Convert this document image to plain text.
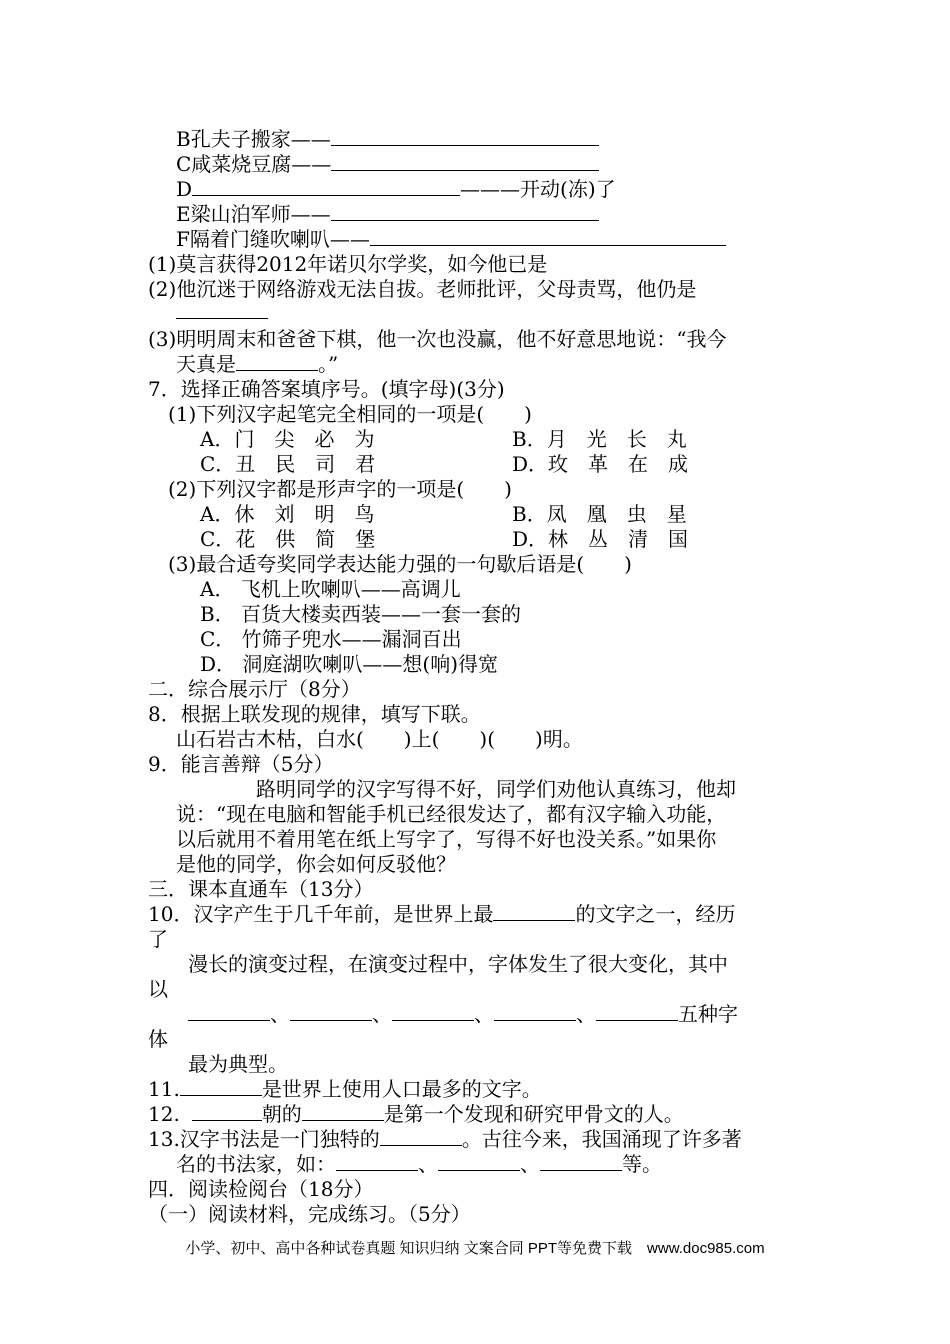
B孔夫子搬家——
C咸菜烧豆腐——
D	———开动(冻)了
E梁山泊军师——
F隔着门缝吹喇叭——
(1)莫言获得2012年诺贝尔学奖，如今他已是
(2)他沉迷于网络游戏无法自拔。老师批评，父母责骂，他仍是
(3)明明周末和爸爸下棋，他一次也没赢，他不好意思地说：“我今
天真是	。”
7．选择正确答案填序号。(填字母)(3分)
(1)下列汉字起笔完全相同的一项是(　　)
A．门　尖　必　为	B．月　光　长　丸
C．丑　民　司　君	D．玫　革　在　成
(2)下列汉字都是形声字的一项是(　　)
A．休　刘　明　鸟	B．凤　凰　虫　星
C．花　供　简　堡	D．林　丛　清　国
(3)最合适夸奖同学表达能力强的一句歇后语是(　　)
A． 飞机上吹喇叭——高调儿
B． 百货大楼卖西装——一套一套的
C． 竹筛子兜水——漏洞百出
D． 洞庭湖吹喇叭——想(响)得宽
二．综合展示厅（8分）
8．根据上联发现的规律，填写下联。
山石岩古木枯，白水(　　)上(　　)(　　)明。
9．能言善辩（5分）
路明同学的汉字写得不好，同学们劝他认真练习，他却
说：“现在电脑和智能手机已经很发达了，都有汉字输入功能，
以后就用不着用笔在纸上写字了，写得不好也没关系。”如果你
是他的同学，你会如何反驳他？
三．课本直通车（13分）
10．汉字产生于几千年前，是世界上最	的文字之一，经历
了
漫长的演变过程，在演变过程中，字体发生了很大变化，其中
以
、	、	、	、	五种字
体
最为典型。
11.	是世界上使用人口最多的文字。
12.	朝的	是第一个发现和研究甲骨文的人。
13.汉字书法是一门独特的	。古往今来，我国涌现了许多著
名的书法家，如：	、	、	等。
四．阅读检阅台（18分）
（一）阅读材料，完成练习。（5分）
小学、初中、高中各种试卷真题 知识归纳 文案合同 PPT等免费下载　www.doc985.com
